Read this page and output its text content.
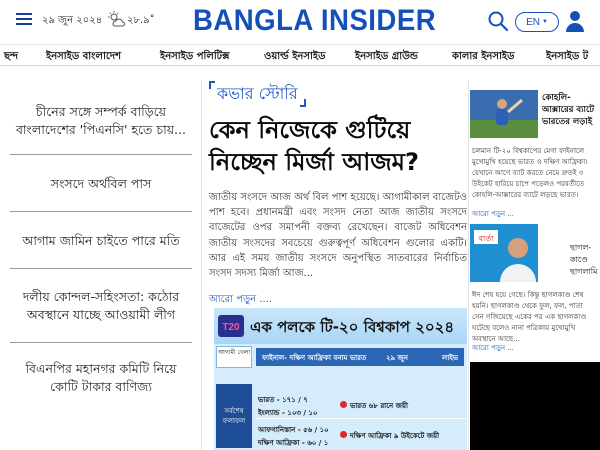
২৯ জুন ২০২৪ ২৮.৯˚ BANGLA INSIDER	EN ▼
ছন্দ	ইনসাইড বাংলাদেশ	ইনসাইড পলিটিক্স	ওয়ার্ল্ড ইনসাইড	ইনসাইড গ্রাউন্ড	কালার ইনসাইড	ইনসাইড ট
চীনের সঙ্গে সম্পর্ক বাড়িয়ে বাংলাদেশের 'পিএনসি' হতে চায়...
সংসদে অর্থবিল পাস
আগাম জামিন চাইতে পারে মতি
দলীয় কোন্দল-সহিংসতা: কঠোর অবস্থানে যাচ্ছে আওয়ামী লীগ
বিএনপির মহানগর কমিটি নিয়ে কোটি টাকার বাণিজ্য
কভার স্টোরি
কেন নিজেকে গুটিয়ে নিচ্ছেন মির্জা আজম?
জাতীয় সংসদে আজ অর্থ বিল পাশ হয়েছে। আগামীকাল বাজেটও পাশ হবে। প্রধানমন্ত্রী এবং সংসদ নেতা আজ জাতীয় সংসদে বাজেটের ওপর সমাপনী বক্তব্য রেখেছেন। বাজেট অধিবেশন জাতীয় সংসদের সবচেয়ে গুরুত্বপূর্ণ অধিবেশন গুলোর একটি। আর এই সময় জাতীয় সংসদে অনুপস্থিত সাতবারের নির্বাচিত সংসদ সদস্য মির্জা আজ...
আরো পড়ুন ....
T20 এক পলকে টি-২০ বিশ্বকাপ ২০২৪
আগামী খেলা
ফাইনাল- দক্ষিণ আফ্রিকা বনাম ভারত	২৯ জুন	লাইভ
সর্বশেষ ফলাফল
ভারত - ১৭১ / ৭
ইংল্যান্ড - ১০৩ / ১০
আফগানিস্তান - ৫৬ / ১০
দক্ষিণ আফ্রিকা - ৬০ / ১
ভারত ৬৮ রানে জয়ী
দক্ষিণ আফ্রিকা ৯ উইকেটে জয়ী
কোহলি-আক্সারের ব্যাটে ভারতের লড়াই
চলমান টি-২০ বিশ্বকাপের মেগা ফাইনালে মুখোমুখি হয়েছে ভারত ও দক্ষিণ আফ্রিকা। যেখানে আগে ব্যাট করতে নেমে দ্রুতই ৩ উইকেট হারিয়ে চাপে পড়েলও পরবর্তীতে কোহলি-আক্সারের ব্যাটে লড়ছে ভারত।
আরো পড়ুন ...
বার্তা
ছাগল-কাণ্ডে ছাগলামি
ঈদ শেষ হয়ে গেছে। কিন্তু ছাগলকাণ্ড শেষ হয়নি। ছাগলকাণ্ড থেকে ফুল, ফল, পাতা সেন গজিয়েছে একের পর এক ছাগলকাণ্ড ঘটেছে বলেও নানা পত্রিকায় মুখোমুখি অবস্থানে আছে...
আরো পড়ুন ...
